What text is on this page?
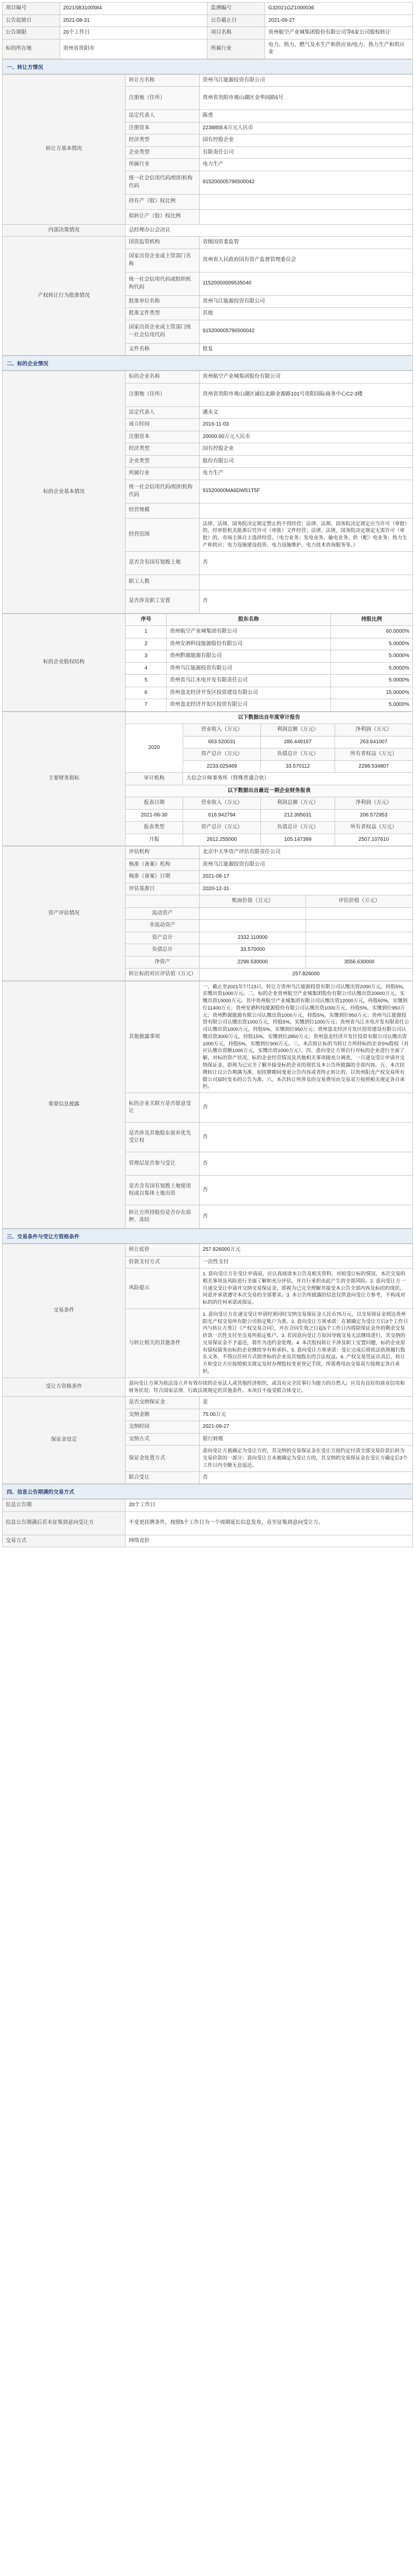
项目编号	2021SB3100584	监测编号	G32021GZ1000036
公告起始日	2021-08-31	公告截止日	2021-09-27
公告期限	20个工作日	项目名称	贵州航空产业城集团股份有限公司等6家公司股权转让
标的所在地	贵州省贵阳市	所属行业	电力、热力、燃气及水生产和供应业/电力、热力生产和供应业
一、转让方情况
转让方基本情况	转让方名称	贵州乌江能源投资有限公司
	注册地（住所）	贵州省贵阳市观山湖区金华园路5号
	法定代表人	陈勇
	注册资本	2238855.6万元人民币
	经济类型	国有控股企业
	企业类型	有限责任公司
	所属行业	电力生产
	统一社会信用代码/组织机构代码	915200005796500042
	持有产（股）权比例	
	拟转让产（股）权比例	
内部决策情况	总经理办公会决议	
产权转让行为批准情况	国资监管机构	省级国资委监管
	国家出资企业或主管部门名称	贵州省人民政府国有资产监督管理委员会
	统一社会信用代码或组织机构代码	11520000009535040
	批准单位名称	贵州乌江能源投资有限公司
	批准文件类型	其他
	国家出资企业或主管部门统一社会信用代码	915200005796500042
	文件名称	批复
二、标的企业情况
标的企业基本情况	标的企业名称	贵州航空产业城集团股份有限公司
	注册地（住所）	贵州省贵阳市观山湖区诚信北路金源路101号贵阳国际商务中心C2-3楼
	法定代表人	潘永文
	成立时间	2016-11-03
	注册资本	20000.00万元人民币
	经济类型	国有控股企业
	企业类型	股份有限公司
	所属行业	电力生产
	统一社会信用代码/组织机构代码	91520000MA6DW51T5F
	经营规模	
	经营范围	法律、法规、国务院决定规定禁止的不得经营；法律、法规、国务院决定规定应当许可（审批）的，经审批机关批准后凭许可（审批）文件经营；法律、法规、国务院决定规定无需许可（审批）的，市场主体自主选择经营。（电力业务；发电业务、输电业务、供（配）电业务；热力生产和供应；电力设施建设投资、电力设施维护、电力技术咨询服务等。）
	是否含有国有划拨土地	否
	职工人数	
	是否涉及职工安置	否
标的企业股权结构	序号	股东名称	持股比例
	1	贵州航空产业城集团有限公司	60.0000%
	2	贵州安酒科技能源股份有限公司	5.0000%
	3	贵州黔源能源有限公司	5.0000%
	4	贵州乌江能源投资有限公司	5.0000%
	5	贵州省乌江水电开发有限责任公司	5.0000%
	6	贵州盘北经济开发区投资建设有限公司	15.0000%
	7	贵州盘北经济开发区投资有限公司	5.0000%
主要财务指标	以下数据出自年度审计报告			
	2020	营业收入（万元）	利润总额（万元）	净利润（万元）
		663.520031	286.449167	263.641007
		资产总计（万元）	负债总计（万元）	所有者权益（万元）
		2233.025469	33.570112	2298.534807
	审计机构	大信会计师事务所（特殊普通合伙）		
	以下数据出自最近一期企业财务报表			
	报表日期	营业收入（万元）	利润总额（万元）	净利润（万元）
	2021-06-30	616.942794	212.395631	206.572953
	报表类型	资产总计（万元）	负债总计（万元）	所有者权益（万元）
	月报	2612.255000	105.147399	2507.107610
资产评估情况	评估机构	北京中天华资产评估有限责任公司	
	核准（备案）机构	贵州乌江能源投资有限公司	
	核准（备案）日期	2021-08-17	
	评估基准日	2020-12-31	
		账面价值（万元）	评估价值（万元）
	流动资产		
	非流动资产		
	资产总计	2332.110000	
	负债总计	33.570000	
	净资产	2298.530000	3556.630000
	转让标的对应评估值（万元）	257.826000	
重要信息披露	其他披露事项	一、截止至2021年7月23日，转让方贵州乌江能源投资有限公司认缴出资2000万元，持股5%，实缴出资1000万元。二、标的企业贵州航空产业城集团股份有限公司认缴出资20000万元，实缴出资19000万元。其中贵州航空产业城集团有限公司认缴出资12000万元，持股60%，实缴到位11400万元；贵州安酒科技能源股份有限公司认缴出资1000万元，持股5%，实缴到位950万元；贵州黔源能源有限公司认缴出资1000万元，持股5%，实缴到位950万元；贵州乌江能源投资有限公司认缴出资1000万元，持股5%，实缴到位1000万元；贵州省乌江水电开发有限责任公司认缴出资1000万元，持股5%，实缴到位950万元；贵州盘北经济开发区投资建设有限公司认缴出资3000万元，持股15%，实缴到位2850万元；贵州盘北经济开发区投资有限公司认缴出资1000万元，持股5%，实缴到位900万元。三、本次转让标的为转让方所持标的企业5%股权（对应认缴出资额1000万元，实缴出资1000万元）。四、意向受让方须自行对标的企业进行全面了解，对标的资产状况、标的企业经营情况及其他相关事项做充分调查，一旦递交受让申请并交纳保证金，即视为已完全了解并接受标的企业的现状及本公告所披露的全部内容。五、本次挂牌转让以公告期满为准，如挂牌期间变更公告内容或者终止转让的，以贵州阳光产权交易所有限公司届时发布的公告为准。六、本次转让所涉及的交易费用由交易双方按照相关规定各自承担。
	标的企业关联方是否愿意受让	否
	是否涉及其他股东放弃优先受让权	否
	管理层是否参与受让	否
	是否含有国有划拨土地使用权或以集体土地出资	否
	转让方所持股份是否存在质押、冻结	否
三、交易条件与受让方资格条件
交易条件	转让底价	257.826000万元
	价款支付方式	一次性支付
	风险提示	1. 意向受让方在受让申请前，应认真阅读本公告及相关资料，对拟受让标的情况、本次交易的相关事项及风险进行全面了解和充分评估，并自行承担由此产生的全部风险。2. 意向受让方一旦递交受让申请并交纳交易保证金，即视为已完全理解并接受本公告全部内容及标的的现状，同意并承诺遵守本次交易的全部要求。3. 本公告所披露的信息仅供意向受让方参考，不构成对标的的任何承诺或保证。
	与转让相关的其他条件	1. 意向受让方在递交受让申请时须同时交纳交易保证金人民币75万元，以交易保证金到达贵州阳光产权交易所有限公司指定账户为准。2. 意向受让方须承诺：在被确定为受让方后3个工作日内与转让方签订《产权交易合同》，并在合同生效之日起5个工作日内将除保证金外的剩余交易价款一次性支付至交易所指定账户。3. 若因意向受让方原因导致交易无法继续进行，其交纳的交易保证金不予退还，将作为违约金处理。4. 本次股权转让不涉及职工安置问题，标的企业原有债权债务由标的企业继续享有和承担。5. 意向受让方须承诺：受让完成后将依法依规履行股东义务，不得以任何方式损害标的企业及其他股东的合法权益。6. 产权交易凭证出具后，转让方和受让方应按照相关规定及时办理股权变更登记手续，所需费用由交易双方按规定各自承担。
受让方资格条件	意向受让方须为依法设立并有效存续的企业法人或其他经济组织，或具有完全民事行为能力的自然人；应具有良好的商业信用和财务状况；符合国家法律、行政法规规定的其他条件。本项目不接受联合体受让。	
保证金设定	是否交纳保证金	是
	交纳金额	75.00万元
	交纳时间	2021-09-27
	交纳方式	银行转账
	保证金处置方式	意向受让方被确定为受让方的，其交纳的交易保证金在受让方按约定付清全部交易价款后转为交易价款的一部分；意向受让方未被确定为受让方的，其交纳的交易保证金在受让方确定后3个工作日内全额无息返还。
	联合受让	否
四、信息公告期满的交易方式
信息公告期	20个工作日
信息公告期满后若未征集到意向受让方	不变更挂牌条件，按照5个工作日为一个周期延长信息发布，直至征集到意向受让方。
交易方式	网络竞价
